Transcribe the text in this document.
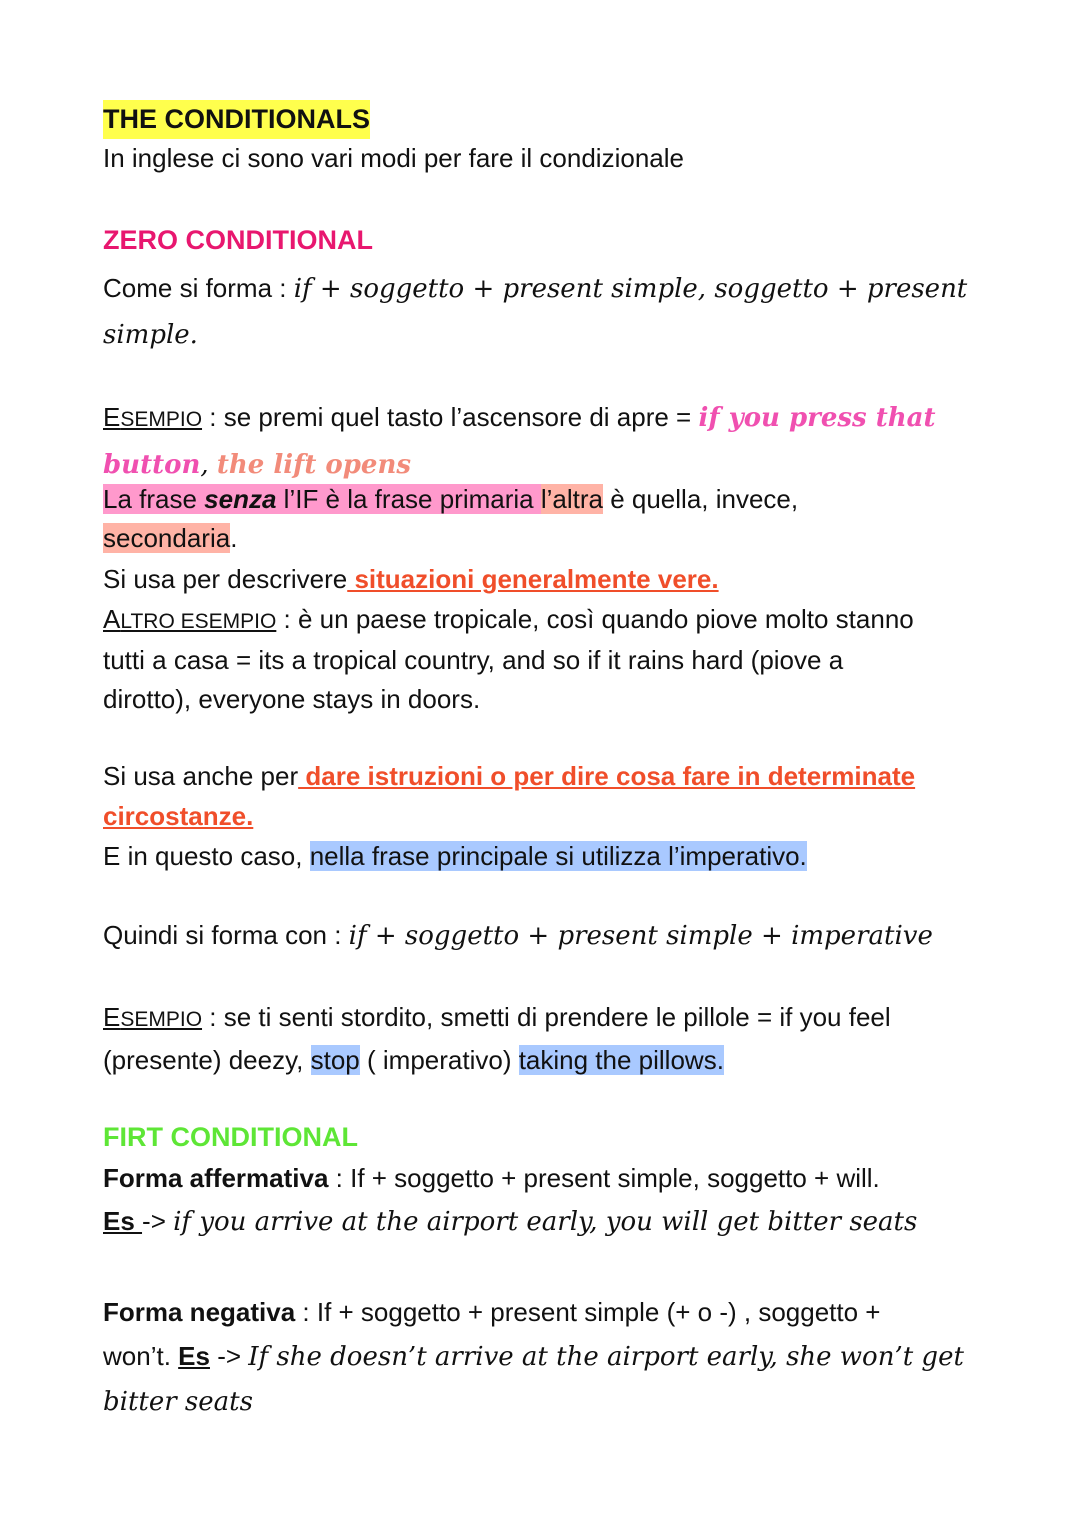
THE CONDITIONALS
In inglese ci sono vari modi per fare il condizionale
ZERO CONDITIONAL
Come si forma : if + soggetto + present simple, soggetto + present
simple.
ESEMPIO : se premi quel tasto l’ascensore di apre = if you press that
button, the lift opens
La frase senza l’IF è la frase primaria l’altra è quella, invece,
secondaria.
Si usa per descrivere situazioni generalmente vere.
ALTRO ESEMPIO : è un paese tropicale, così quando piove molto stanno
tutti a casa = its a tropical country, and so if it rains hard (piove a
dirotto), everyone stays in doors.
Si usa anche per dare istruzioni o per dire cosa fare in determinate
circostanze.
E in questo caso, nella frase principale si utilizza l’imperativo.
Quindi si forma con : if + soggetto + present simple + imperative
ESEMPIO : se ti senti stordito, smetti di prendere le pillole = if you feel
(presente) deezy, stop ( imperativo) taking the pillows.
FIRT CONDITIONAL
Forma affermativa : If + soggetto + present simple, soggetto + will.
Es -> if you arrive at the airport early, you will get bitter seats
Forma negativa : If + soggetto + present simple (+ o -) , soggetto +
won’t. Es -> If she doesn’t arrive at the airport early, she won’t get
bitter seats
